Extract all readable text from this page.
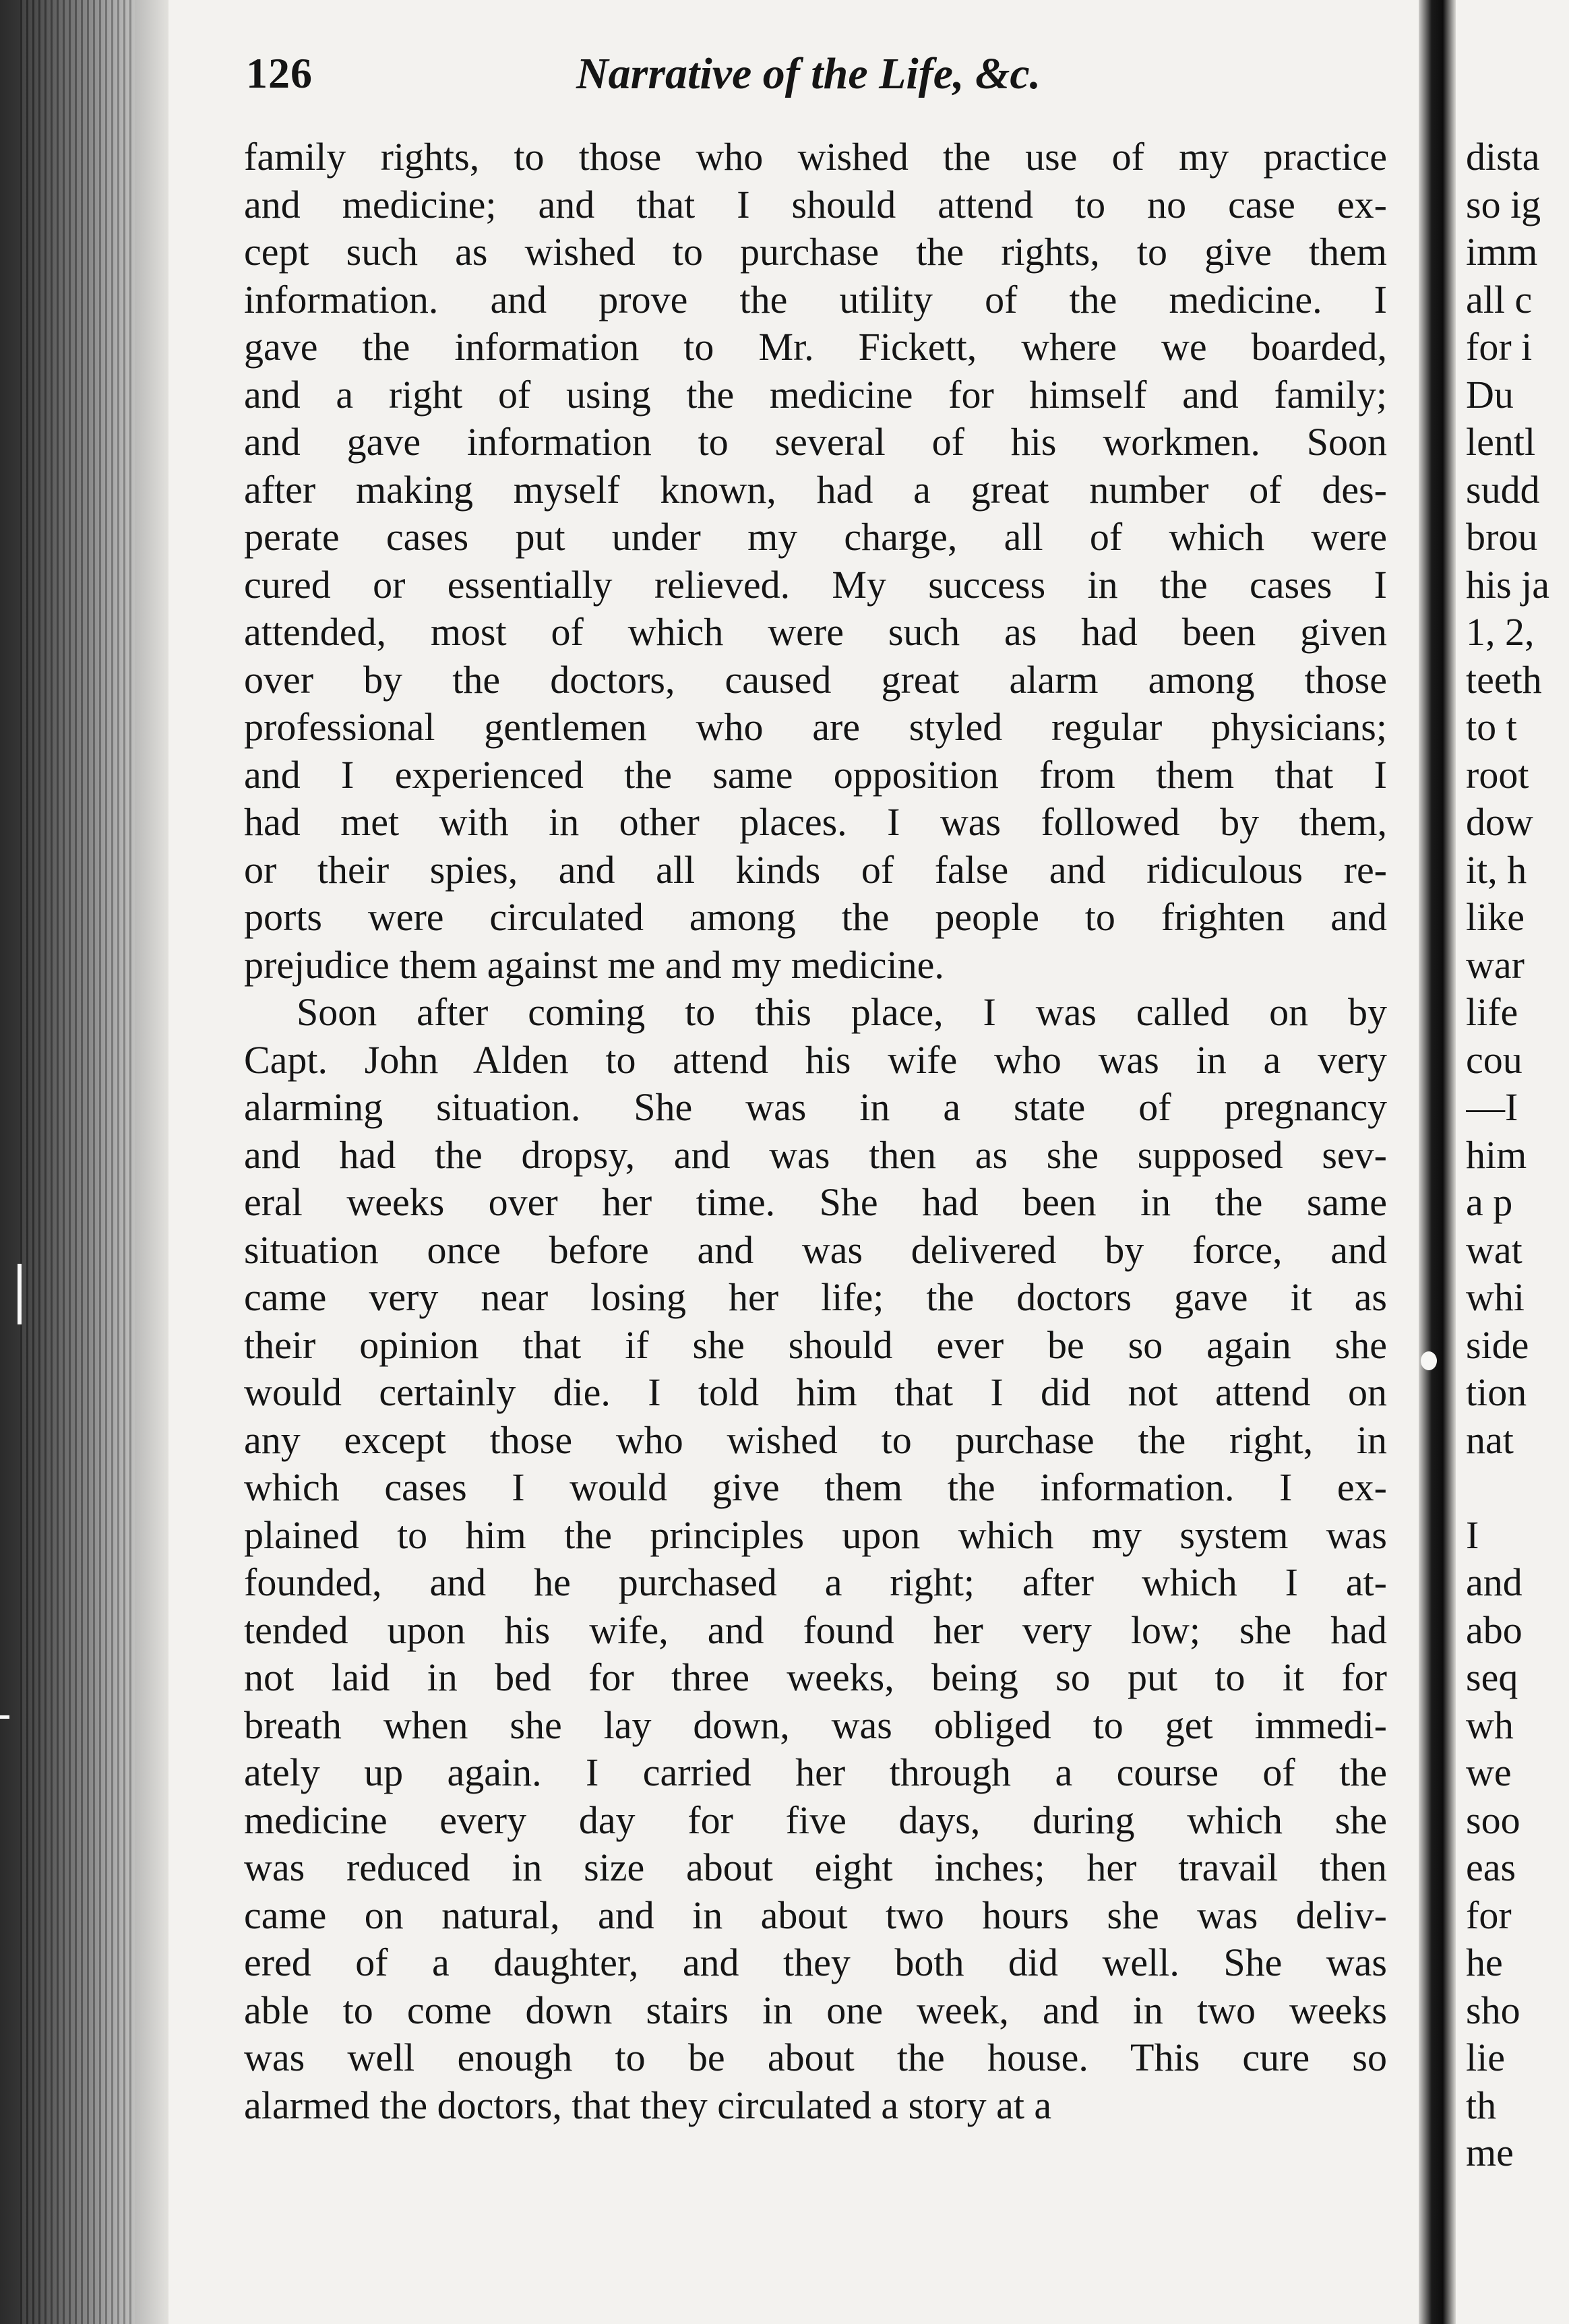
126	Narrative of the Life, &c.
family rights, to those who wished the use of my practice
and medicine; and that I should attend to no case ex-
cept such as wished to purchase the rights, to give them
information. and prove the utility of the medicine. I
gave the information to Mr. Fickett, where we boarded,
and a right of using the medicine for himself and family;
and gave information to several of his workmen. Soon
after making myself known, had a great number of des-
perate cases put under my charge, all of which were
cured or essentially relieved. My success in the cases I
attended, most of which were such as had been given
over by the doctors, caused great alarm among those
professional gentlemen who are styled regular physicians;
and I experienced the same opposition from them that I
had met with in other places. I was followed by them,
or their spies, and all kinds of false and ridiculous re-
ports were circulated among the people to frighten and
prejudice them against me and my medicine.
Soon after coming to this place, I was called on by
Capt. John Alden to attend his wife who was in a very
alarming situation. She was in a state of pregnancy
and had the dropsy, and was then as she supposed sev-
eral weeks over her time. She had been in the same
situation once before and was delivered by force, and
came very near losing her life; the doctors gave it as
their opinion that if she should ever be so again she
would certainly die. I told him that I did not attend on
any except those who wished to purchase the right, in
which cases I would give them the information. I ex-
plained to him the principles upon which my system was
founded, and he purchased a right; after which I at-
tended upon his wife, and found her very low; she had
not laid in bed for three weeks, being so put to it for
breath when she lay down, was obliged to get immedi-
ately up again. I carried her through a course of the
medicine every day for five days, during which she
was reduced in size about eight inches; her travail then
came on natural, and in about two hours she was deliv-
ered of a daughter, and they both did well. She was
able to come down stairs in one week, and in two weeks
was well enough to be about the house. This cure so
alarmed the doctors, that they circulated a story at a
dista
so ig
imm
all c
for i
Du
lentl
sudd
brou
his ja
1, 2,
teeth
to t
root
dow
it, h
like
war
life
cou
—I
him
a p
wat
whi
side
tion
nat
I
and
abo
seq
wh
we
soo
eas
for
he
sho
lie
th
me
